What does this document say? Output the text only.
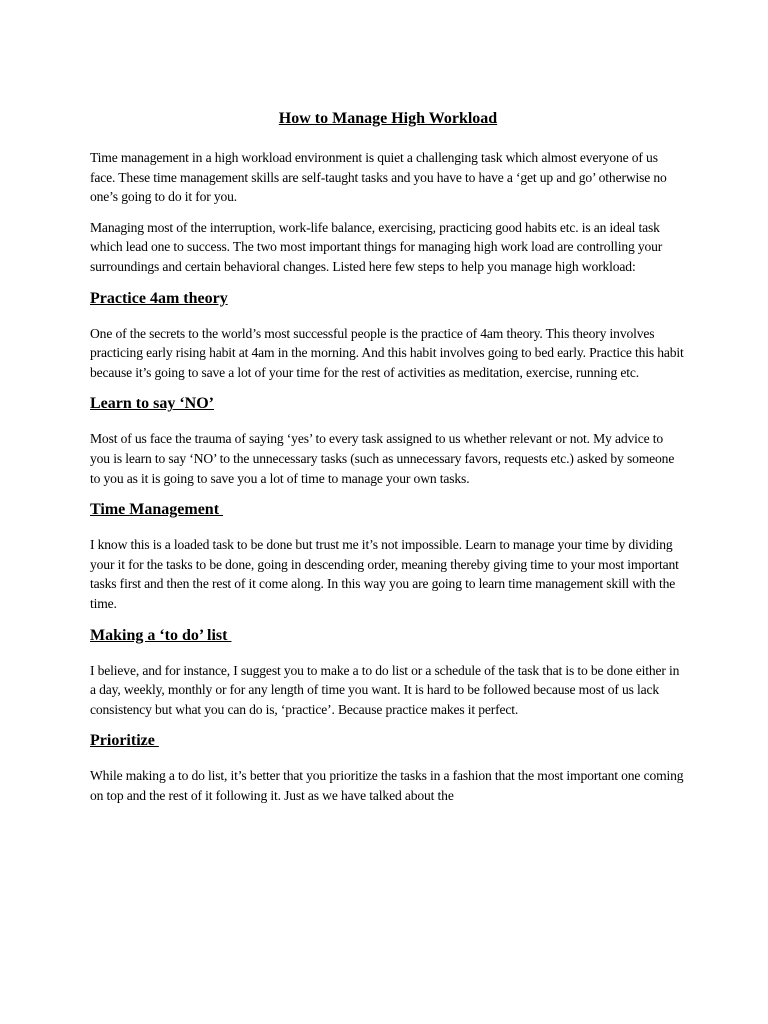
How to Manage High Workload

Time management in a high workload environment is quiet a challenging task which almost everyone of us face. These time management skills are self-taught tasks and you have to have a ‘get up and go’ otherwise no one’s going to do it for you.

Managing most of the interruption, work-life balance, exercising, practicing good habits etc. is an ideal task which lead one to success. The two most important things for managing high work load are controlling your surroundings and certain behavioral changes. Listed here few steps to help you manage high workload:

Practice 4am theory

One of the secrets to the world’s most successful people is the practice of 4am theory. This theory involves practicing early rising habit at 4am in the morning. And this habit involves going to bed early. Practice this habit because it’s going to save a lot of your time for the rest of activities as meditation, exercise, running etc.

Learn to say ‘NO’

Most of us face the trauma of saying ‘yes’ to every task assigned to us whether relevant or not. My advice to you is learn to say ‘NO’ to the unnecessary tasks (such as unnecessary favors, requests etc.) asked by someone to you as it is going to save you a lot of time to manage your own tasks.

Time Management

I know this is a loaded task to be done but trust me it’s not impossible. Learn to manage your time by dividing your it for the tasks to be done, going in descending order, meaning thereby giving time to your most important tasks first and then the rest of it come along. In this way you are going to learn time management skill with the time.

Making a ‘to do’ list

I believe, and for instance, I suggest you to make a to do list or a schedule of the task that is to be done either in a day, weekly, monthly or for any length of time you want. It is hard to be followed because most of us lack consistency but what you can do is, ‘practice’. Because practice makes it perfect.

Prioritize

While making a to do list, it’s better that you prioritize the tasks in a fashion that the most important one coming on top and the rest of it following it. Just as we have talked about the
